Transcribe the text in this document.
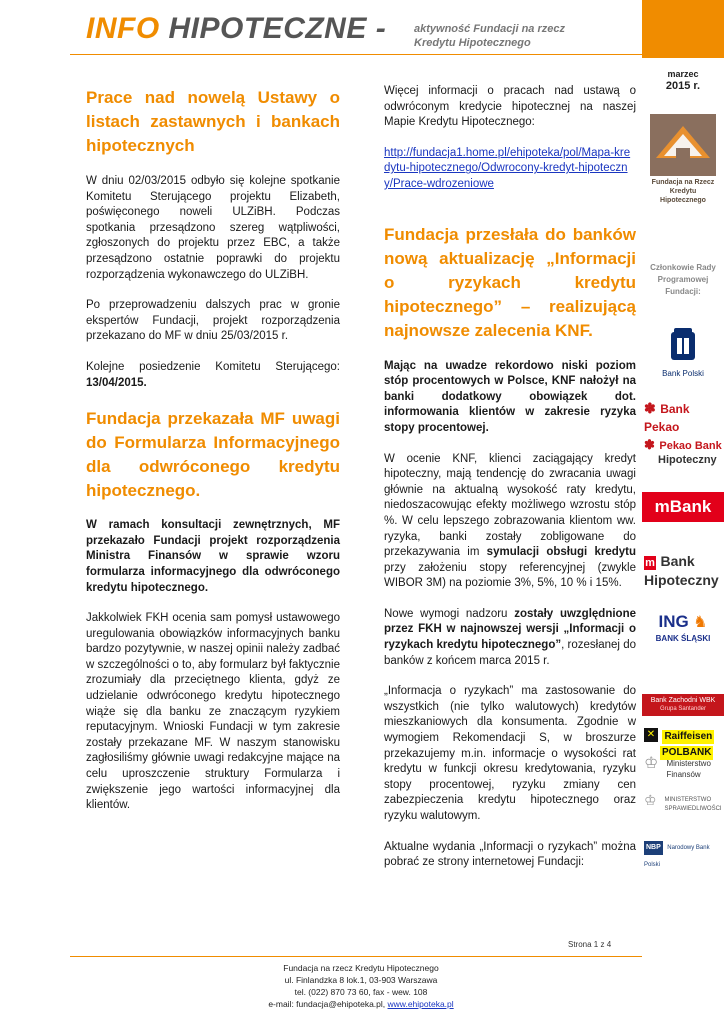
INFO HIPOTECZNE -	aktywność Fundacji na rzecz Kredytu Hipotecznego
marzec
2015 r.
Fundacja na Rzecz
Kredytu Hipotecznego
Członkowie Rady Programowej Fundacji:
Bank Polski
✽ Bank Pekao
✽ Pekao Bank
Hipoteczny
mBank
m Bank
Hipoteczny
ING ♞
BANK ŚLĄSKI
Bank Zachodni WBK
Grupa Santander
✕ Raiffeisen
POLBANK
♔ Ministerstwo
Finansów
♔ MINISTERSTWO
SPRAWIEDLIWOŚCI
NBP Narodowy Bank Polski
Prace nad nowelą Ustawy o listach zastawnych i bankach hipotecznych

W dniu 02/03/2015 odbyło się kolejne spotkanie Komitetu Sterującego projektu Elizabeth, poświęconego noweli ULZiBH. Podczas spotkania przesądzono szereg wątpliwości, zgłoszonych do projektu przez EBC, a także przesądzono ostatnie poprawki do projektu rozporządzenia wykonawczego do ULZiBH.

Po przeprowadzeniu dalszych prac w gronie ekspertów Fundacji, projekt rozporządzenia przekazano do MF w dniu 25/03/2015 r.

Kolejne posiedzenie Komitetu Sterującego: 13/04/2015.

Fundacja przekazała MF uwagi do Formularza Informacyjnego dla odwróconego kredytu hipotecznego.

W ramach konsultacji zewnętrznych, MF przekazało Fundacji projekt rozporządzenia Ministra Finansów w sprawie wzoru formularza informacyjnego dla odwróconego kredytu hipotecznego.

Jakkolwiek FKH ocenia sam pomysł ustawowego uregulowania obowiązków informacyjnych banku bardzo pozytywnie, w naszej opinii należy zadbać w szczególności o to, aby formularz był faktycznie zrozumiały dla przeciętnego klienta, gdyż ze udzielanie odwróconego kredytu hipotecznego wiąże się dla banku ze znaczącym ryzykiem reputacyjnym. Wnioski Fundacji w tym zakresie zostały przekazane MF. W naszym stanowisku zagłosiliśmy głównie uwagi redakcyjne mające na celu uproszczenie struktury Formularza i zwiększenie jego wartości informacyjnej dla klientów.

Więcej informacji o pracach nad ustawą o odwróconym kredycie hipotecznej na naszej Mapie Kredytu Hipotecznego:

http://fundacja1.home.pl/ehipoteka/pol/Mapa-kredytu-hipotecznego/Odwrocony-kredyt-hipoteczny/Prace-wdrozeniowe

Fundacja przesłała do banków nową aktualizację „Informacji o ryzykach kredytu hipotecznego” – realizującą najnowsze zalecenia KNF.

Mając na uwadze rekordowo niski poziom stóp procentowych w Polsce, KNF nałożył na banki dodatkowy obowiązek dot. informowania klientów w zakresie ryzyka stopy procentowej.

W ocenie KNF, klienci zaciągający kredyt hipoteczny, mają tendencję do zwracania uwagi głównie na aktualną wysokość raty kredytu, niedoszacowując efekty możliwego wzrostu stóp %. W celu lepszego zobrazowania klientom ww. ryzyka, banki zostały zobligowane do przekazywania im symulacji obsługi kredytu przy założeniu stopy referencyjnej (zwykle WIBOR 3M) na poziomie 3%, 5%, 10 % i 15%.

Nowe wymogi nadzoru zostały uwzględnione przez FKH w najnowszej wersji „Informacji o ryzykach kredytu hipotecznego”, rozesłanej do banków z końcem marca 2015 r.

„Informacja o ryzykach” ma zastosowanie do wszystkich (nie tylko walutowych) kredytów mieszkaniowych dla konsumenta. Zgodnie w wymogiem Rekomendacji S, w broszurze przekazujemy m.in. informacje o wysokości rat kredytu w funkcji okresu kredytowania, ryzyku stopy procentowej, ryzyku zmiany cen zabezpieczenia kredytu hipotecznego oraz ryzyku walutowym.

Aktualne wydania „Informacji o ryzykach” można pobrać ze strony internetowej Fundacji:

Strona 1 z 4
Fundacja na rzecz Kredytu Hipotecznego
ul. Finlandzka 8 lok.1, 03-903 Warszawa
tel. (022) 870 73 60, fax - wew. 108
e-mail: fundacja@ehipoteka.pl, www.ehipoteka.pl
